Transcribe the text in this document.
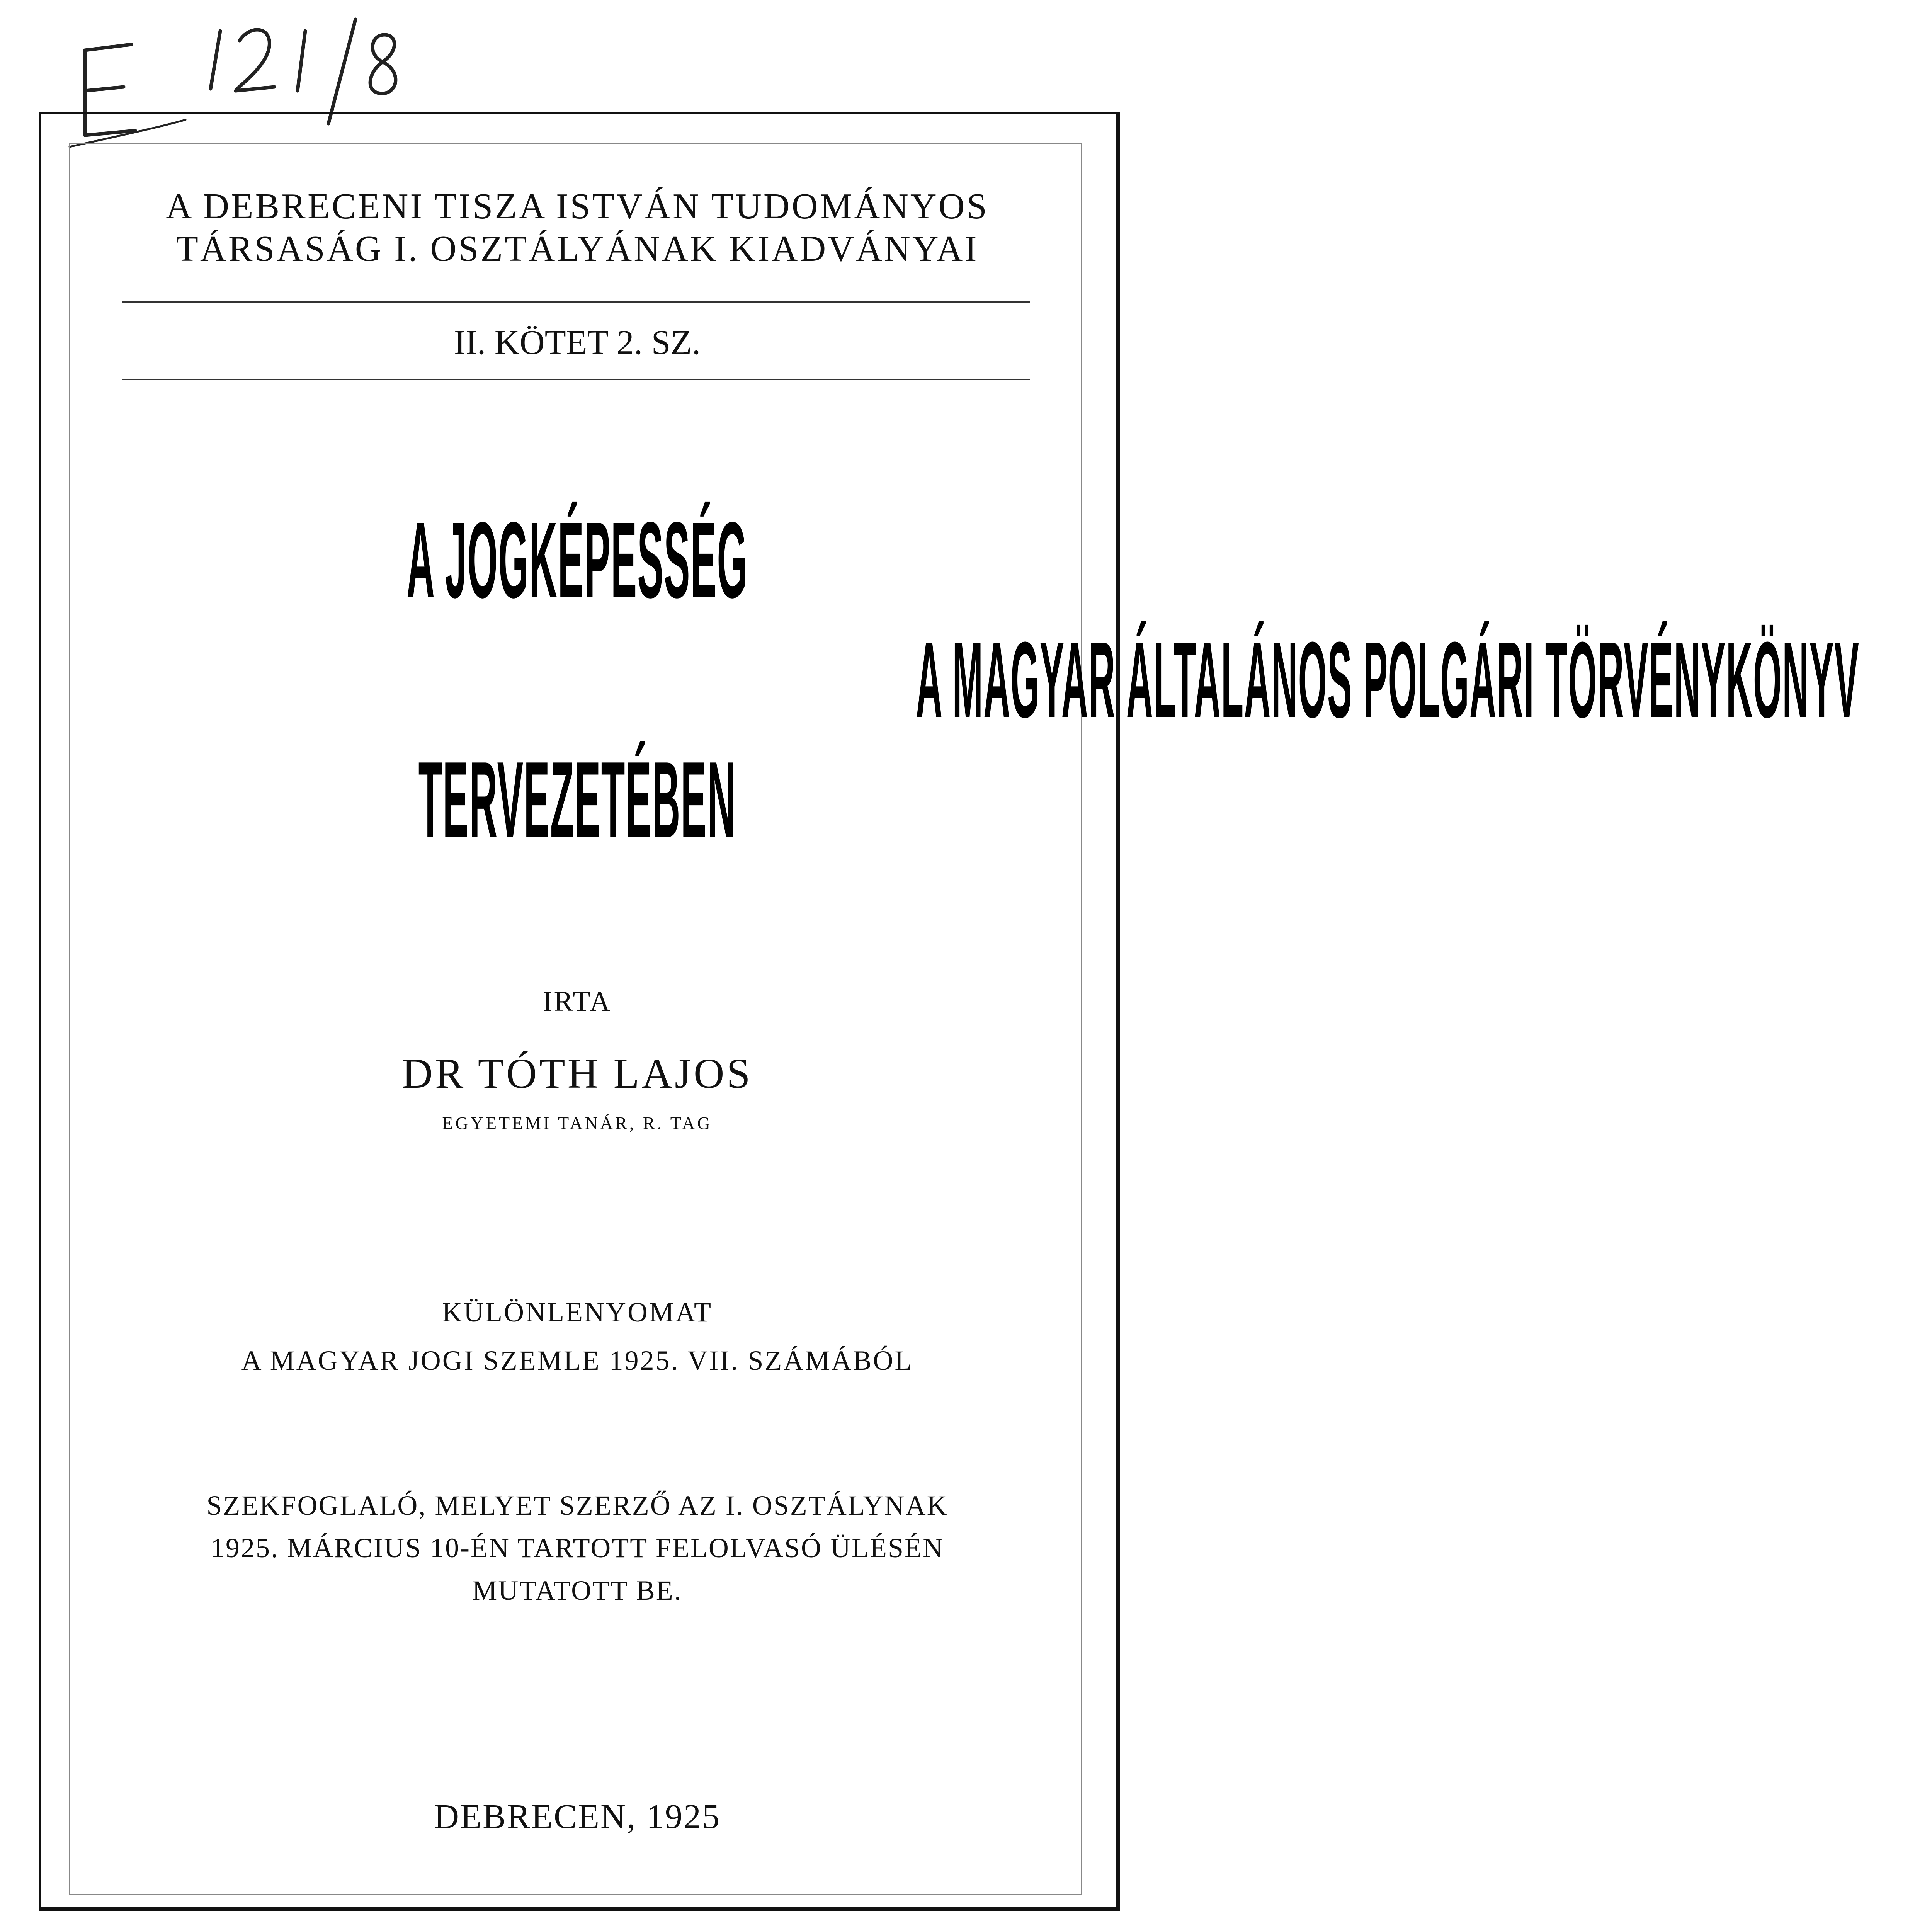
A DEBRECENI TISZA ISTVÁN TUDOMÁNYOS
TÁRSASÁG I. OSZTÁLYÁNAK KIADVÁNYAI
II. KÖTET 2. SZ.
A JOGKÉPESSÉG
A MAGYAR ÁLTALÁNOS POLGÁRI TÖRVÉNYKÖNYV
TERVEZETÉBEN
IRTA
DR TÓTH LAJOS
EGYETEMI TANÁR, R. TAG
KÜLÖNLENYOMAT
A MAGYAR JOGI SZEMLE 1925. VII. SZÁMÁBÓL
SZEKFOGLALÓ, MELYET SZERZŐ AZ I. OSZTÁLYNAK
1925. MÁRCIUS 10-ÉN TARTOTT FELOLVASÓ ÜLÉSÉN
MUTATOTT BE.
DEBRECEN, 1925
